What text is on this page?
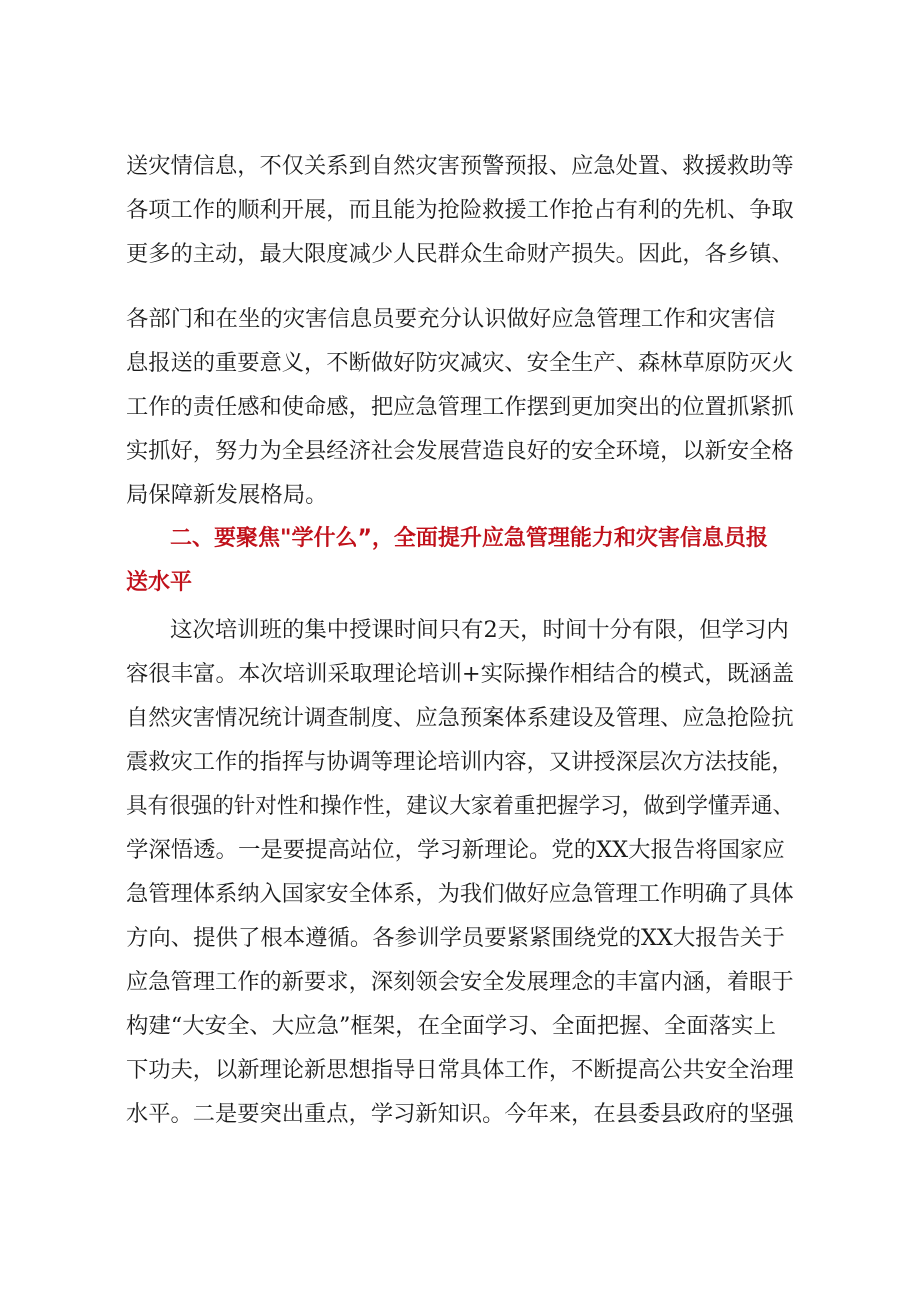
送灾情信息，不仅关系到自然灾害预警预报、应急处置、救援救助等
各项工作的顺利开展，而且能为抢险救援工作抢占有利的先机、争取
更多的主动，最大限度减少人民群众生命财产损失。因此，各乡镇、
各部门和在坐的灾害信息员要充分认识做好应急管理工作和灾害信
息报送的重要意义，不断做好防灾减灾、安全生产、森林草原防灭火
工作的责任感和使命感，把应急管理工作摆到更加突出的位置抓紧抓
实抓好，努力为全县经济社会发展营造良好的安全环境，以新安全格
局保障新发展格局。
二、要聚焦"学什么”，全面提升应急管理能力和灾害信息员报
送水平
这次培训班的集中授课时间只有2天，时间十分有限，但学习内
容很丰富。本次培训采取理论培训+实际操作相结合的模式，既涵盖
自然灾害情况统计调查制度、应急预案体系建设及管理、应急抢险抗
震救灾工作的指挥与协调等理论培训内容，又讲授深层次方法技能，
具有很强的针对性和操作性，建议大家着重把握学习，做到学懂弄通、
学深悟透。一是要提高站位，学习新理论。党的XX大报告将国家应
急管理体系纳入国家安全体系，为我们做好应急管理工作明确了具体
方向、提供了根本遵循。各参训学员要紧紧围绕党的XX大报告关于
应急管理工作的新要求，深刻领会安全发展理念的丰富内涵，着眼于
构建“大安全、大应急”框架，在全面学习、全面把握、全面落实上
下功夫，以新理论新思想指导日常具体工作，不断提高公共安全治理
水平。二是要突出重点，学习新知识。今年来，在县委县政府的坚强
